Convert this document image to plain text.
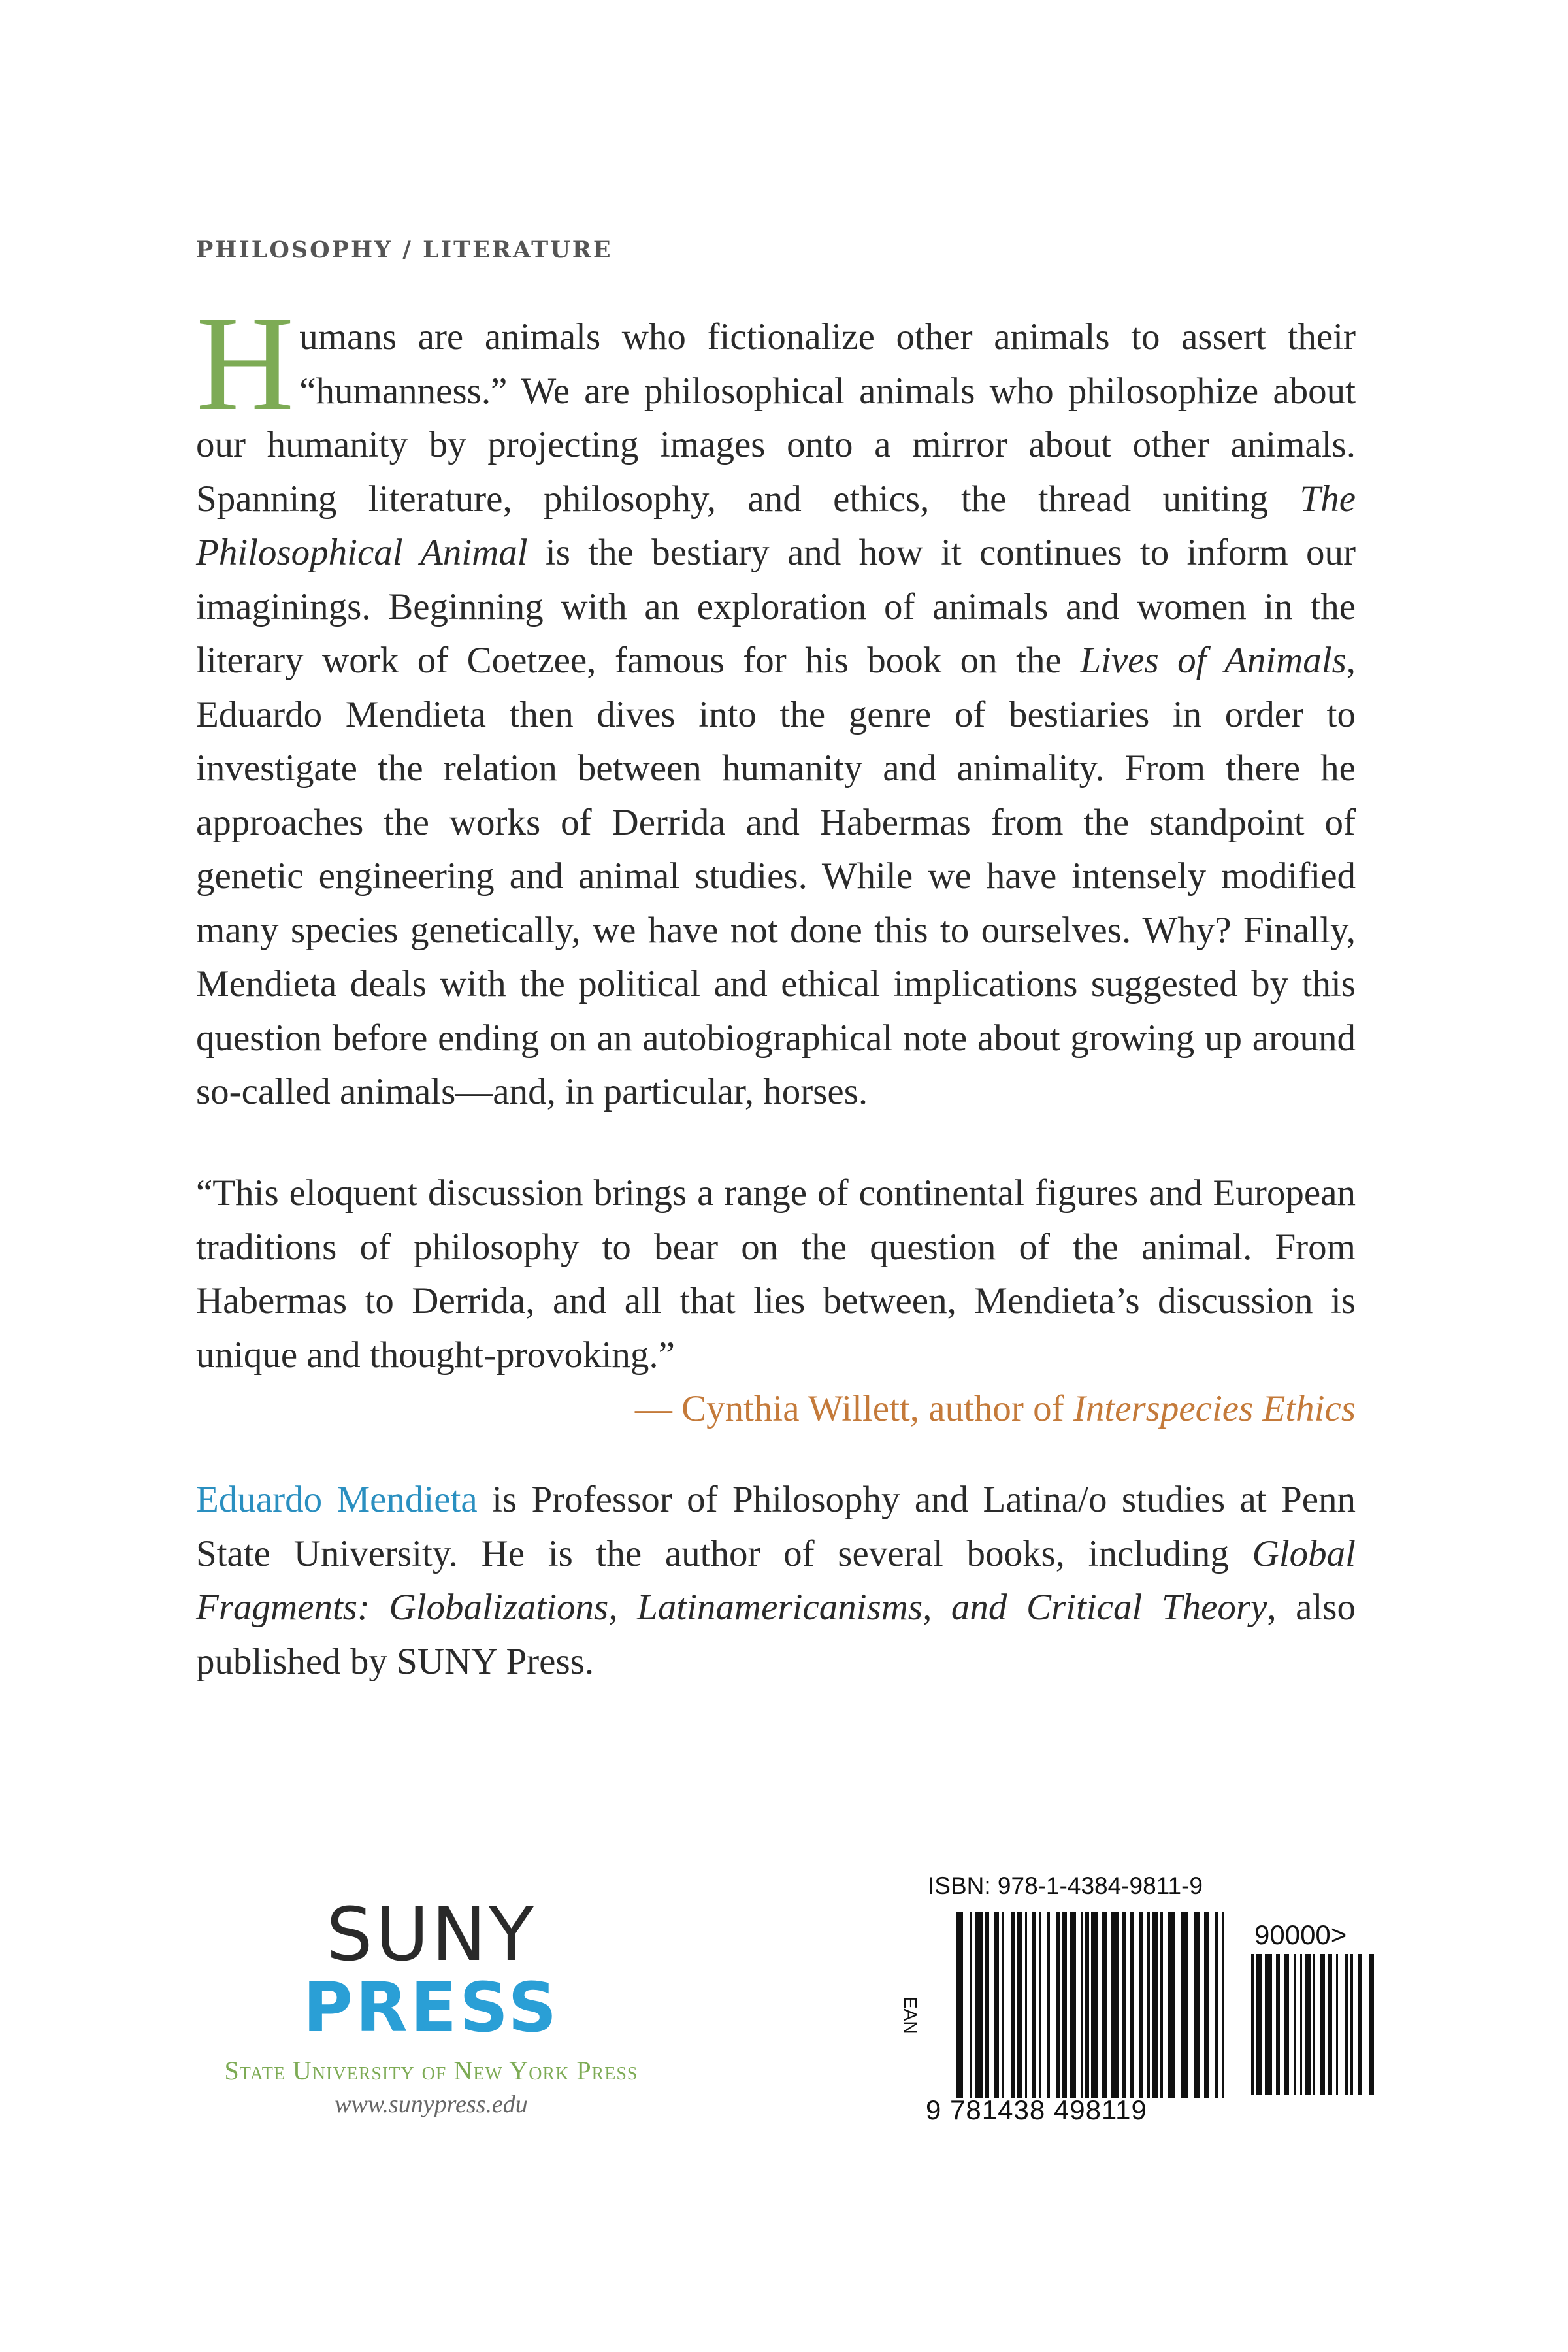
PHILOSOPHY / LITERATURE
Humans are animals who fictionalize other animals to assert their “humanness.” We are philosophical animals who philosophize about our humanity by projecting images onto a mirror about other animals. Spanning literature, philosophy, and ethics, the thread uniting The Philosophical Animal is the bestiary and how it continues to inform our imaginings. Beginning with an exploration of animals and women in the literary work of Coetzee, famous for his book on the Lives of Animals, Eduardo Mendieta then dives into the genre of bestiaries in order to investigate the relation between humanity and animality. From there he approaches the works of Derrida and Habermas from the standpoint of genetic engineering and animal studies. While we have intensely modified many species genetically, we have not done this to ourselves. Why? Finally, Mendieta deals with the political and ethical implications suggested by this question before ending on an autobiographical note about growing up around so-called animals—and, in particular, horses.
“This eloquent discussion brings a range of continental figures and European traditions of philosophy to bear on the question of the animal. From Habermas to Derrida, and all that lies between, Mendieta’s discussion is unique and thought-provoking.”
— Cynthia Willett, author of Interspecies Ethics
Eduardo Mendieta is Professor of Philosophy and Latina/o studies at Penn State University. He is the author of several books, including Global Fragments: Globalizations, Latinamericanisms, and Critical Theory, also published by SUNY Press.
SUNY
PRESS
State University of New York Press
www.sunypress.edu
ISBN: 978-1-4384-9811-9
90000>
EAN
9 781438 498119
